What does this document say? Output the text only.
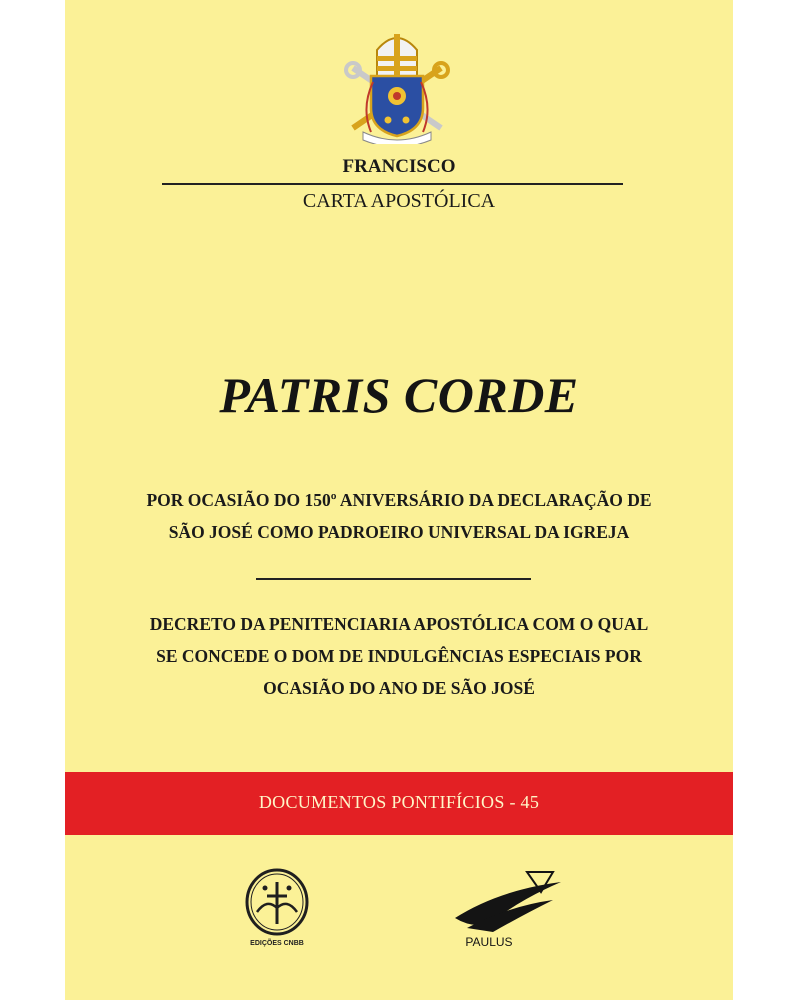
FRANCISCO
CARTA APOSTÓLICA
PATRIS CORDE
POR OCASIÃO DO 150º ANIVERSÁRIO DA DECLARAÇÃO DE
SÃO JOSÉ COMO PADROEIRO UNIVERSAL DA IGREJA
DECRETO DA PENITENCIARIA APOSTÓLICA COM O QUAL
SE CONCEDE O DOM DE INDULGÊNCIAS ESPECIAIS POR
OCASIÃO DO ANO DE SÃO JOSÉ
DOCUMENTOS PONTIFÍCIOS - 45
EDIÇÕES CNBB	PAULUS
